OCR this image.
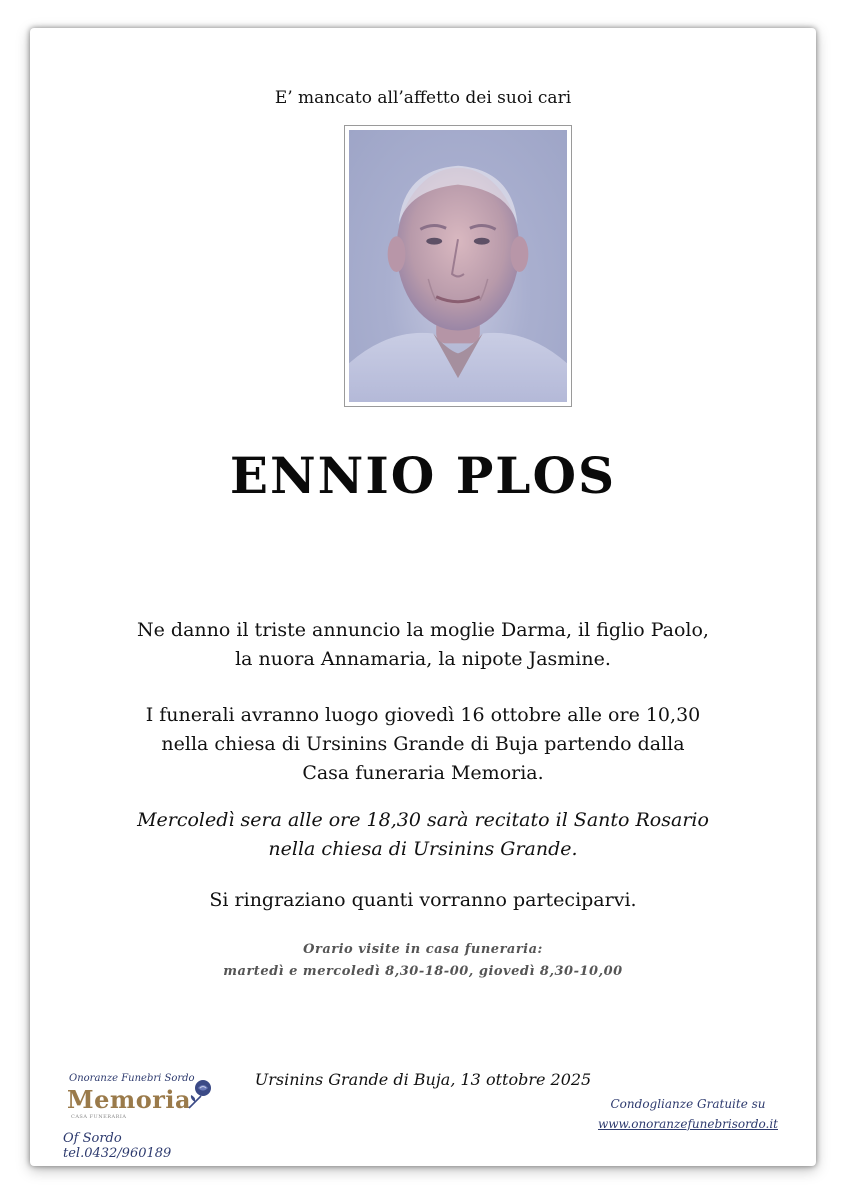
E’ mancato all’affetto dei suoi cari
ENNIO PLOS
Ne danno il triste annuncio la moglie Darma, il figlio Paolo,
la nuora Annamaria, la nipote Jasmine.
I funerali avranno luogo giovedì 16 ottobre alle ore 10,30
nella chiesa di Ursinins Grande di Buja partendo dalla
Casa funeraria Memoria.
Mercoledì sera alle ore 18,30 sarà recitato il Santo Rosario
nella chiesa di Ursinins Grande.
Si ringraziano quanti vorranno parteciparvi.
Orario visite in casa funeraria:
martedì e mercoledì 8,30-18-00, giovedì 8,30-10,00
Ursinins Grande di Buja, 13 ottobre 2025
Onoranze Funebri Sordo
Memoria
CASA FUNERARIA
Of Sordo tel.0432/960189
Condoglianze Gratuite su
www.onoranzefunebrisordo.it
